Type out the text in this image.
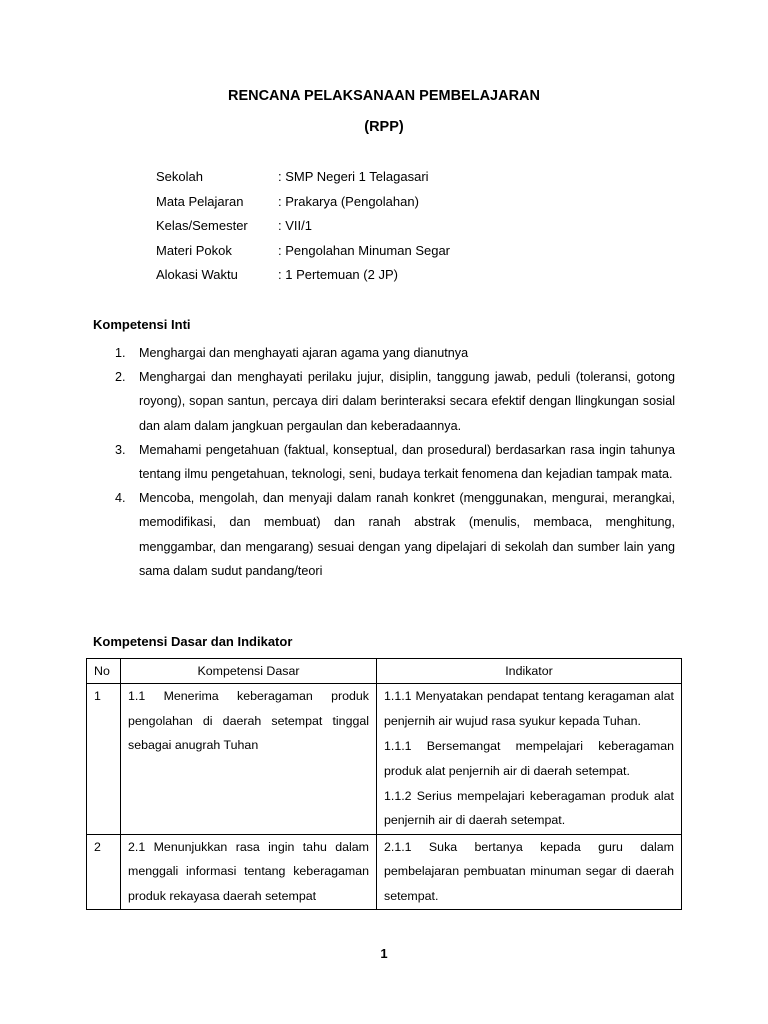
RENCANA PELAKSANAAN PEMBELAJARAN
(RPP)
Sekolah	: SMP Negeri 1 Telagasari
Mata Pelajaran	: Prakarya (Pengolahan)
Kelas/Semester	: VII/1
Materi Pokok	: Pengolahan Minuman Segar
Alokasi Waktu	: 1 Pertemuan (2 JP)
Kompetensi Inti
1.	Menghargai dan menghayati ajaran agama yang dianutnya
2.	Menghargai dan menghayati perilaku jujur, disiplin, tanggung jawab, peduli (toleransi, gotong royong), sopan santun, percaya diri dalam berinteraksi secara efektif dengan llingkungan sosial dan alam dalam jangkuan pergaulan dan keberadaannya.
3.	Memahami pengetahuan (faktual, konseptual, dan prosedural) berdasarkan rasa ingin tahunya tentang ilmu pengetahuan, teknologi, seni, budaya terkait fenomena dan kejadian tampak mata.
4.	Mencoba, mengolah, dan menyaji dalam ranah konkret (menggunakan, mengurai, merangkai, memodifikasi, dan membuat) dan ranah abstrak (menulis, membaca, menghitung, menggambar, dan mengarang) sesuai dengan yang dipelajari di sekolah dan sumber lain yang sama dalam sudut pandang/teori
Kompetensi Dasar dan Indikator
No	Kompetensi Dasar	Indikator
1	1.1 Menerima keberagaman produk pengolahan di daerah setempat tinggal sebagai anugrah Tuhan	1.1.1 Menyatakan pendapat tentang keragaman alat penjernih air wujud rasa syukur kepada Tuhan.

1.1.1 Bersemangat mempelajari keberagaman produk alat penjernih air di daerah setempat.

1.1.2 Serius mempelajari keberagaman produk alat penjernih air di daerah setempat.

2	2.1 Menunjukkan rasa ingin tahu dalam menggali informasi tentang keberagaman produk rekayasa daerah setempat	2.1.1 Suka bertanya kepada guru dalam pembelajaran pembuatan minuman segar di daerah setempat.

1
